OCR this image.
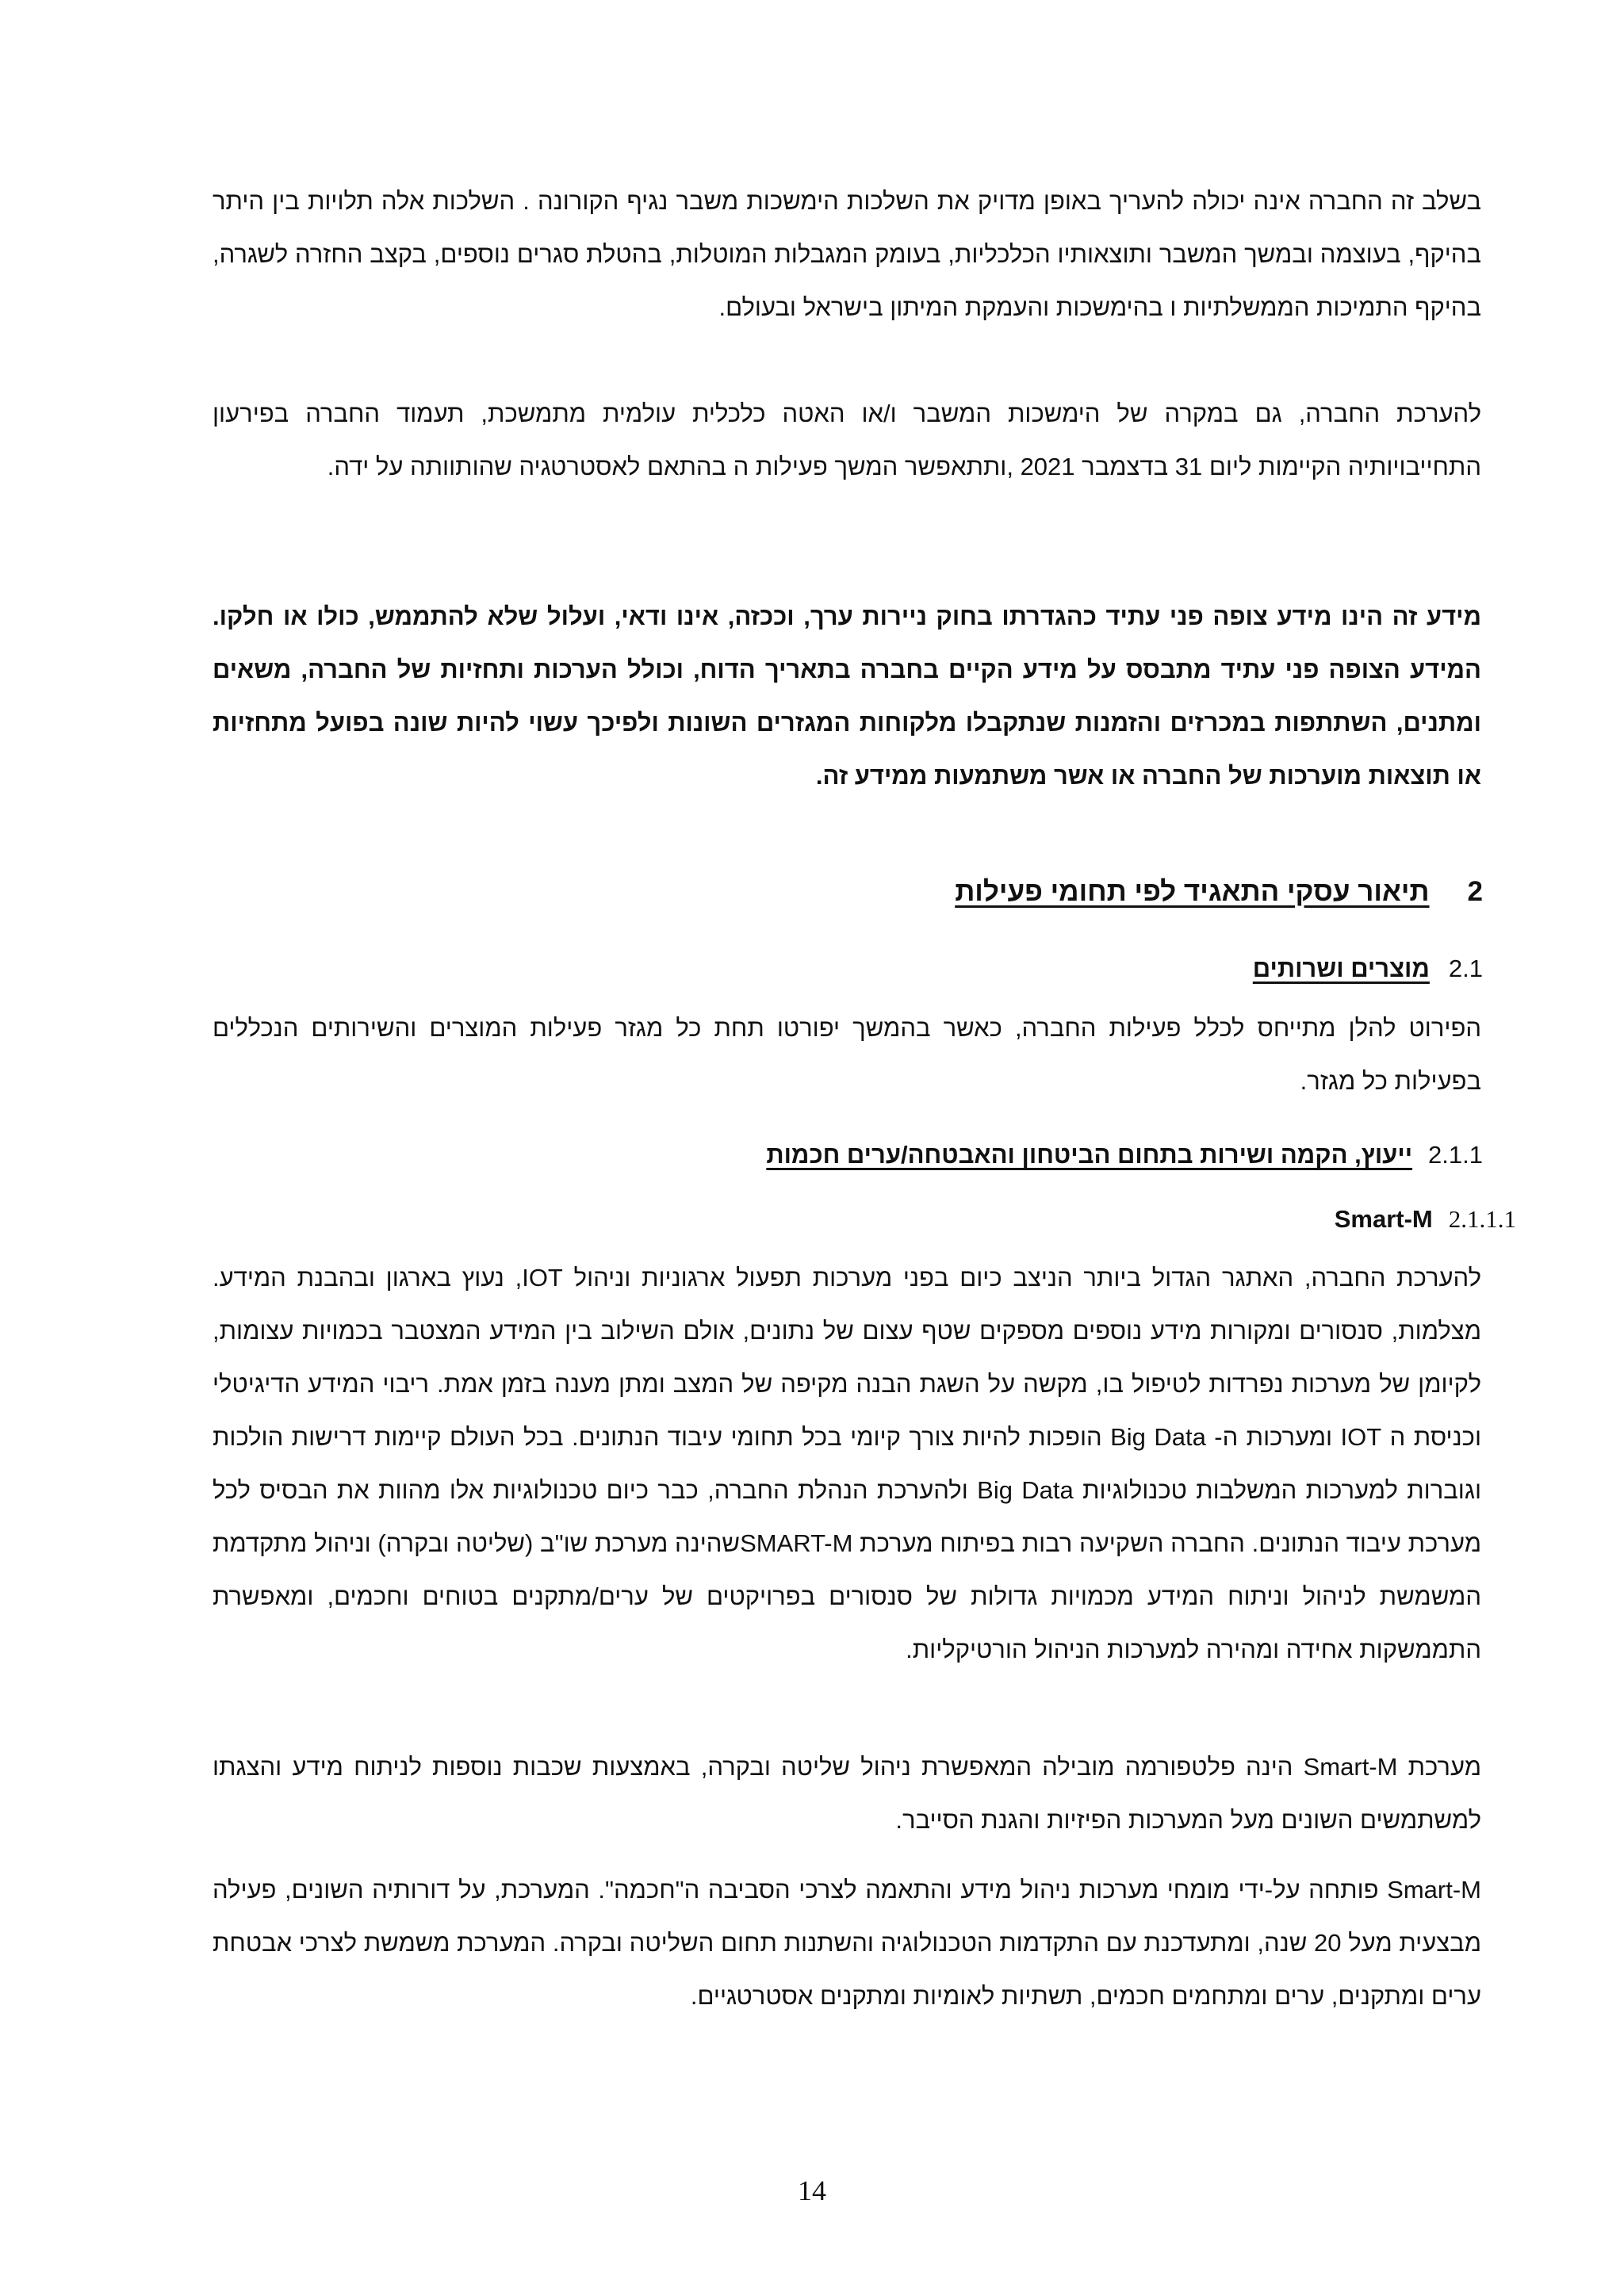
בשלב זה החברה אינה יכולה להעריך באופן מדויק את השלכות הימשכות משבר נגיף הקורונה . השלכות אלה תלויות בין היתר בהיקף, בעוצמה ובמשך המשבר ותוצאותיו הכלכליות, בעומק המגבלות המוטלות, בהטלת סגרים נוספים, בקצב החזרה לשגרה, בהיקף התמיכות הממשלתיות ו בהימשכות והעמקת המיתון בישראל ובעולם.

להערכת החברה, גם במקרה של הימשכות המשבר ו/או האטה כלכלית עולמית מתמשכת, תעמוד החברה בפירעון התחייבויותיה הקיימות ליום 31 בדצמבר 2021 ,ותתאפשר המשך פעילות ה בהתאם לאסטרטגיה שהותוותה על ידה.

מידע זה הינו מידע צופה פני עתיד כהגדרתו בחוק ניירות ערך, וככזה, אינו ודאי, ועלול שלא להתממש, כולו או חלקו. המידע הצופה פני עתיד מתבסס על מידע הקיים בחברה בתאריך הדוח, וכולל הערכות ותחזיות של החברה, משאים ומתנים, השתתפות במכרזים והזמנות שנתקבלו מלקוחות המגזרים השונות ולפיכך עשוי להיות שונה בפועל מתחזיות או תוצאות מוערכות של החברה או אשר משתמעות ממידע זה.

2תיאור עסקי התאגיד לפי תחומי פעילות
2.1מוצרים ושרותים

הפירוט להלן מתייחס לכלל פעילות החברה, כאשר בהמשך יפורטו תחת כל מגזר פעילות המוצרים והשירותים הנכללים בפעילות כל מגזר.

2.1.1ייעוץ, הקמה ושירות בתחום הביטחון והאבטחה/ערים חכמות
2.1.1.1Smart-M

להערכת החברה, האתגר הגדול ביותר הניצב כיום בפני מערכות תפעול ארגוניות וניהול IOT, נעוץ בארגון ובהבנת המידע. מצלמות, סנסורים ומקורות מידע נוספים מספקים שטף עצום של נתונים, אולם השילוב בין המידע המצטבר בכמויות עצומות, לקיומן של מערכות נפרדות לטיפול בו, מקשה על השגת הבנה מקיפה של המצב ומתן מענה בזמן אמת. ריבוי המידע הדיגיטלי וכניסת ה IOT ומערכות ה- Big Data הופכות להיות צורך קיומי בכל תחומי עיבוד הנתונים. בכל העולם קיימות דרישות הולכות וגוברות למערכות המשלבות טכנולוגיות Big Data ולהערכת הנהלת החברה, כבר כיום טכנולוגיות אלו מהוות את הבסיס לכל מערכת עיבוד הנתונים. החברה השקיעה רבות בפיתוח מערכת SMART-Mשהינה מערכת שו"ב (שליטה ובקרה) וניהול מתקדמת המשמשת לניהול וניתוח המידע מכמויות גדולות של סנסורים בפרויקטים של ערים/מתקנים בטוחים וחכמים, ומאפשרת התממשקות אחידה ומהירה למערכות הניהול הורטיקליות.

מערכת Smart-M הינה פלטפורמה מובילה המאפשרת ניהול שליטה ובקרה, באמצעות שכבות נוספות לניתוח מידע והצגתו למשתמשים השונים מעל המערכות הפיזיות והגנת הסייבר.

Smart-M פותחה על-ידי מומחי מערכות ניהול מידע והתאמה לצרכי הסביבה ה"חכמה". המערכת, על דורותיה השונים, פעילה מבצעית מעל 20 שנה, ומתעדכנת עם התקדמות הטכנולוגיה והשתנות תחום השליטה ובקרה. המערכת משמשת לצרכי אבטחת ערים ומתקנים, ערים ומתחמים חכמים, תשתיות לאומיות ומתקנים אסטרטגיים.

14
